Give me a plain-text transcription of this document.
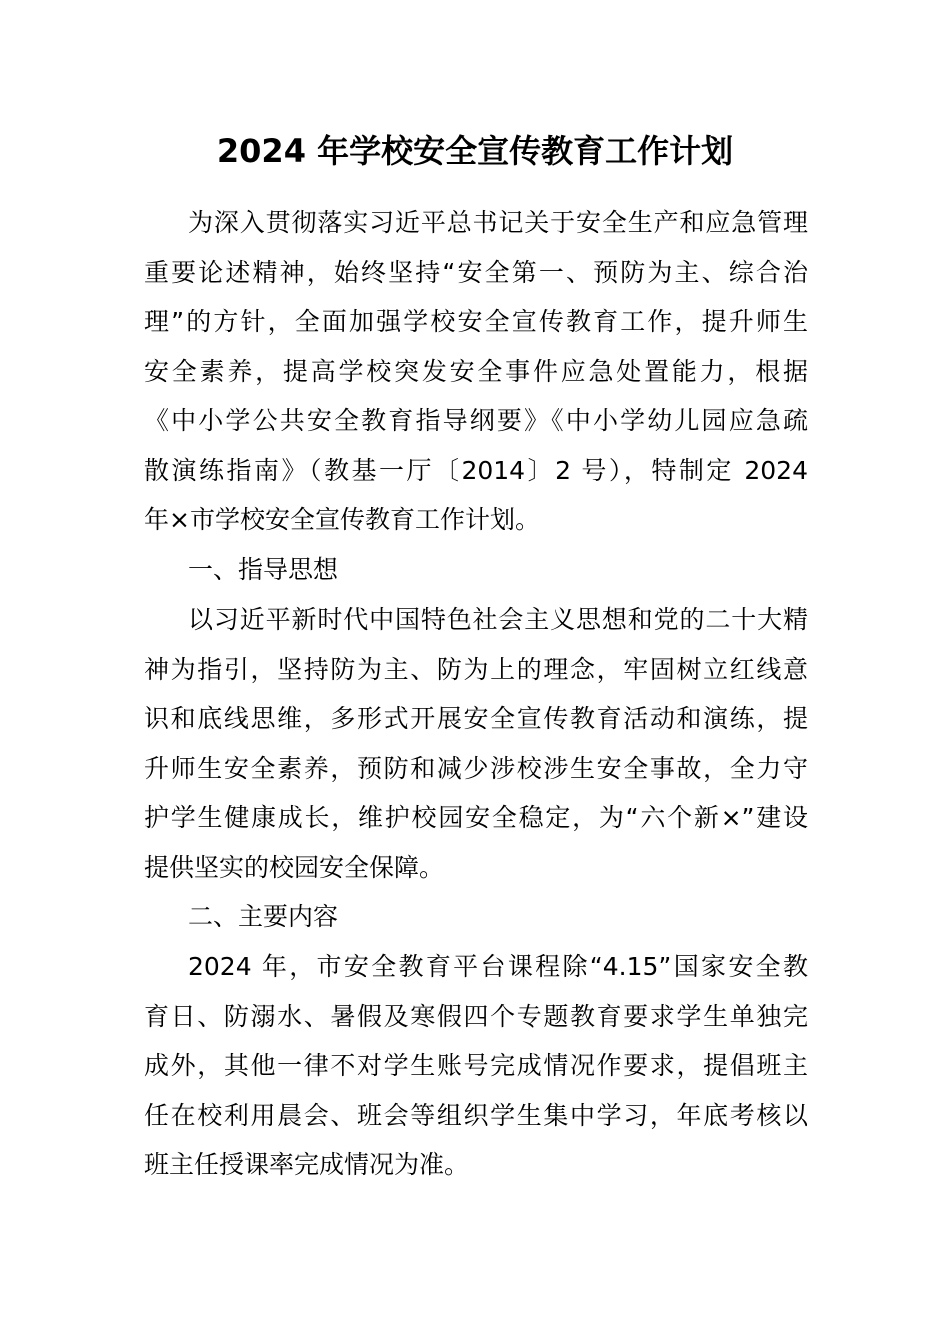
2024 年学校安全宣传教育工作计划
为深入贯彻落实习近平总书记关于安全生产和应急管理
重要论述精神，始终坚持“安全第一、预防为主、综合治
理”的方针，全面加强学校安全宣传教育工作，提升师生
安全素养，提高学校突发安全事件应急处置能力，根据
《中小学公共安全教育指导纲要》《中小学幼儿园应急疏
散演练指南》（教基一厅〔2014〕2 号），特制定 2024
年×市学校安全宣传教育工作计划。
一、指导思想
以习近平新时代中国特色社会主义思想和党的二十大精
神为指引，坚持防为主、防为上的理念，牢固树立红线意
识和底线思维，多形式开展安全宣传教育活动和演练，提
升师生安全素养，预防和减少涉校涉生安全事故，全力守
护学生健康成长，维护校园安全稳定，为“六个新×”建设
提供坚实的校园安全保障。
二、主要内容
2024 年，市安全教育平台课程除“4.15”国家安全教
育日、防溺水、暑假及寒假四个专题教育要求学生单独完
成外，其他一律不对学生账号完成情况作要求，提倡班主
任在校利用晨会、班会等组织学生集中学习，年底考核以
班主任授课率完成情况为准。
